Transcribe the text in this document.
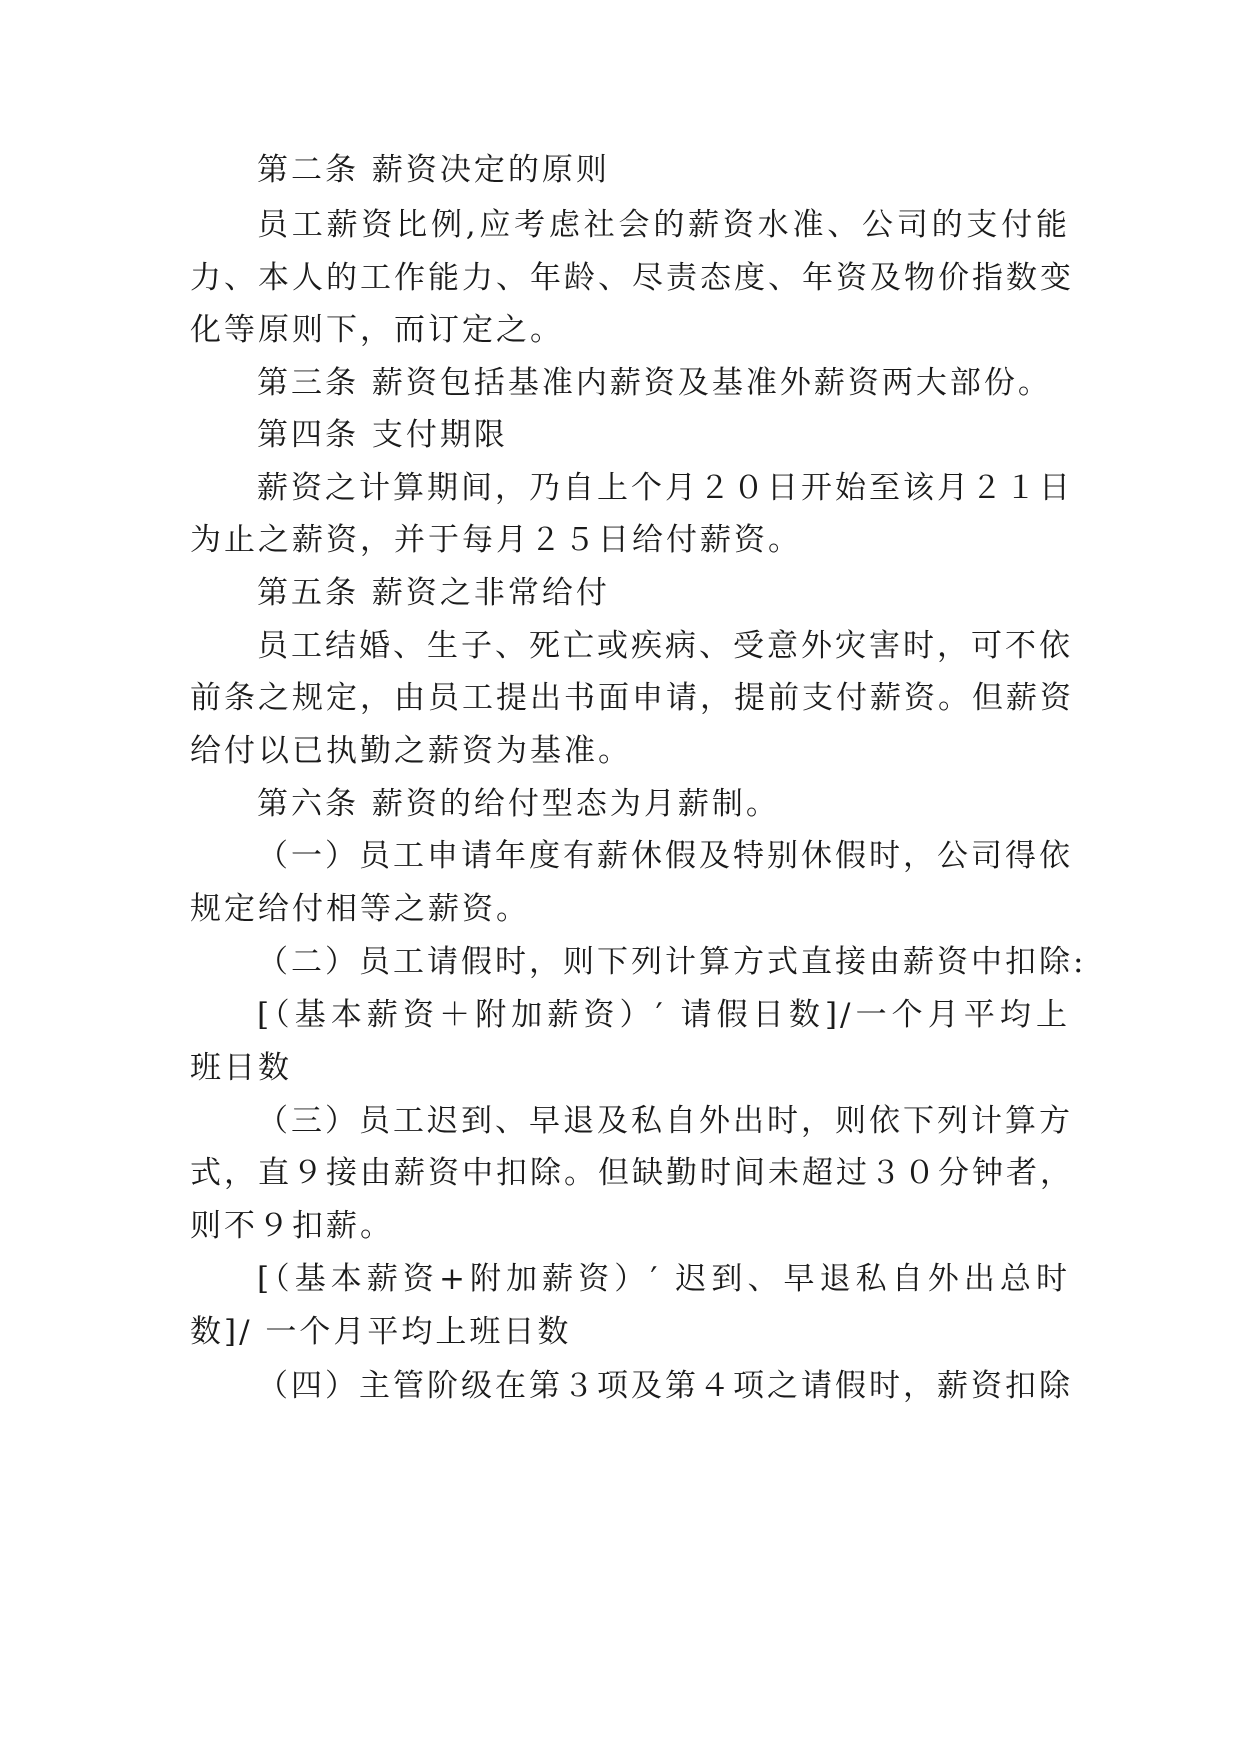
第二条 薪资决定的原则
员工薪资比例,应考虑社会的薪资水准、公司的支付能
力、本人的工作能力、年龄、尽责态度、年资及物价指数变
化等原则下，而订定之。
第三条 薪资包括基准内薪资及基准外薪资两大部份。
第四条 支付期限
薪资之计算期间，乃自上个月２０日开始至该月２１日
为止之薪资，并于每月２５日给付薪资。
第五条 薪资之非常给付
员工结婚、生子、死亡或疾病、受意外灾害时，可不依
前条之规定，由员工提出书面申请，提前支付薪资。但薪资
给付以已执勤之薪资为基准。
第六条 薪资的给付型态为月薪制。
（一）员工申请年度有薪休假及特别休假时，公司得依
规定给付相等之薪资。
（二）员工请假时，则下列计算方式直接由薪资中扣除:
[（基本薪资＋附加薪资）′ 请假日数]/一个月平均上
班日数
（三）员工迟到、早退及私自外出时，则依下列计算方
式，直９接由薪资中扣除。但缺勤时间未超过３０分钟者，
则不９扣薪。
[（基本薪资+附加薪资）′ 迟到、早退私自外出总时
数]/ 一个月平均上班日数
（四）主管阶级在第３项及第４项之请假时，薪资扣除
